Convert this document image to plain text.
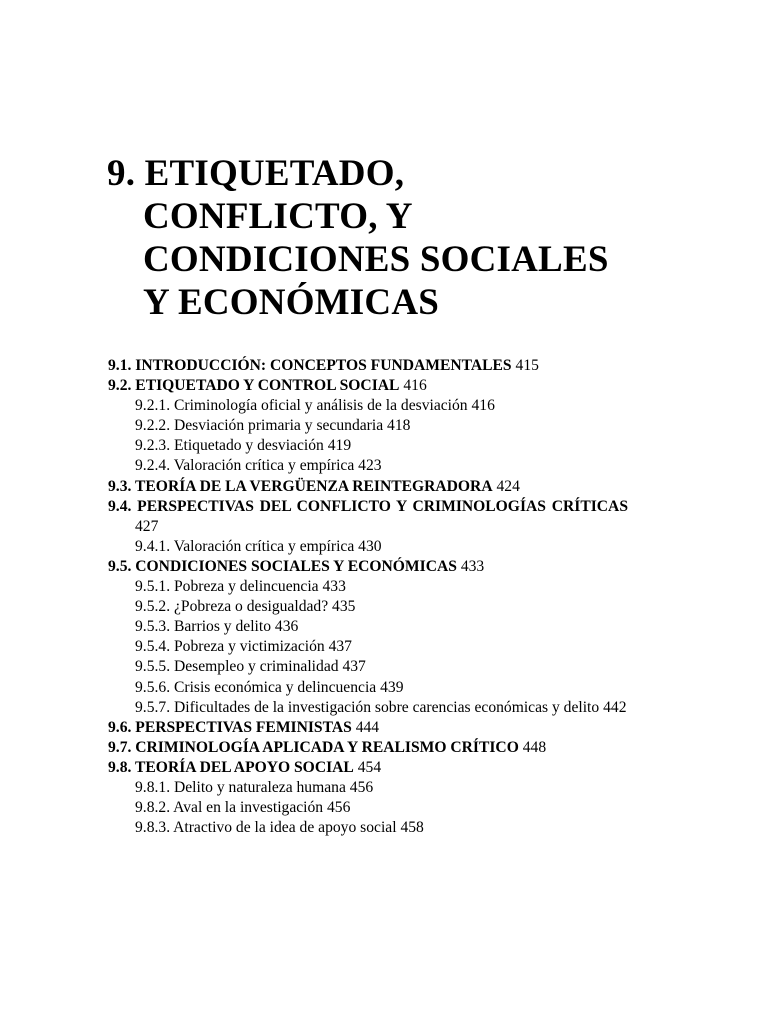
9. ETIQUETADO,
CONFLICTO, Y
CONDICIONES SOCIALES
Y ECONÓMICAS
9.1. INTRODUCCIÓN: CONCEPTOS FUNDAMENTALES 415
9.2. ETIQUETADO Y CONTROL SOCIAL 416
9.2.1. Criminología oficial y análisis de la desviación 416
9.2.2. Desviación primaria y secundaria 418
9.2.3. Etiquetado y desviación 419
9.2.4. Valoración crítica y empírica 423
9.3. TEORÍA DE LA VERGÜENZA REINTEGRADORA 424
9.4. PERSPECTIVAS DEL CONFLICTO Y CRIMINOLOGÍAS CRÍTICAS 427
9.4.1. Valoración crítica y empírica 430
9.5. CONDICIONES SOCIALES Y ECONÓMICAS 433
9.5.1. Pobreza y delincuencia 433
9.5.2. ¿Pobreza o desigualdad? 435
9.5.3. Barrios y delito 436
9.5.4. Pobreza y victimización 437
9.5.5. Desempleo y criminalidad 437
9.5.6. Crisis económica y delincuencia 439
9.5.7. Dificultades de la investigación sobre carencias económicas y delito 442
9.6. PERSPECTIVAS FEMINISTAS 444
9.7. CRIMINOLOGÍA APLICADA Y REALISMO CRÍTICO 448
9.8. TEORÍA DEL APOYO SOCIAL 454
9.8.1. Delito y naturaleza humana 456
9.8.2. Aval en la investigación 456
9.8.3. Atractivo de la idea de apoyo social 458
